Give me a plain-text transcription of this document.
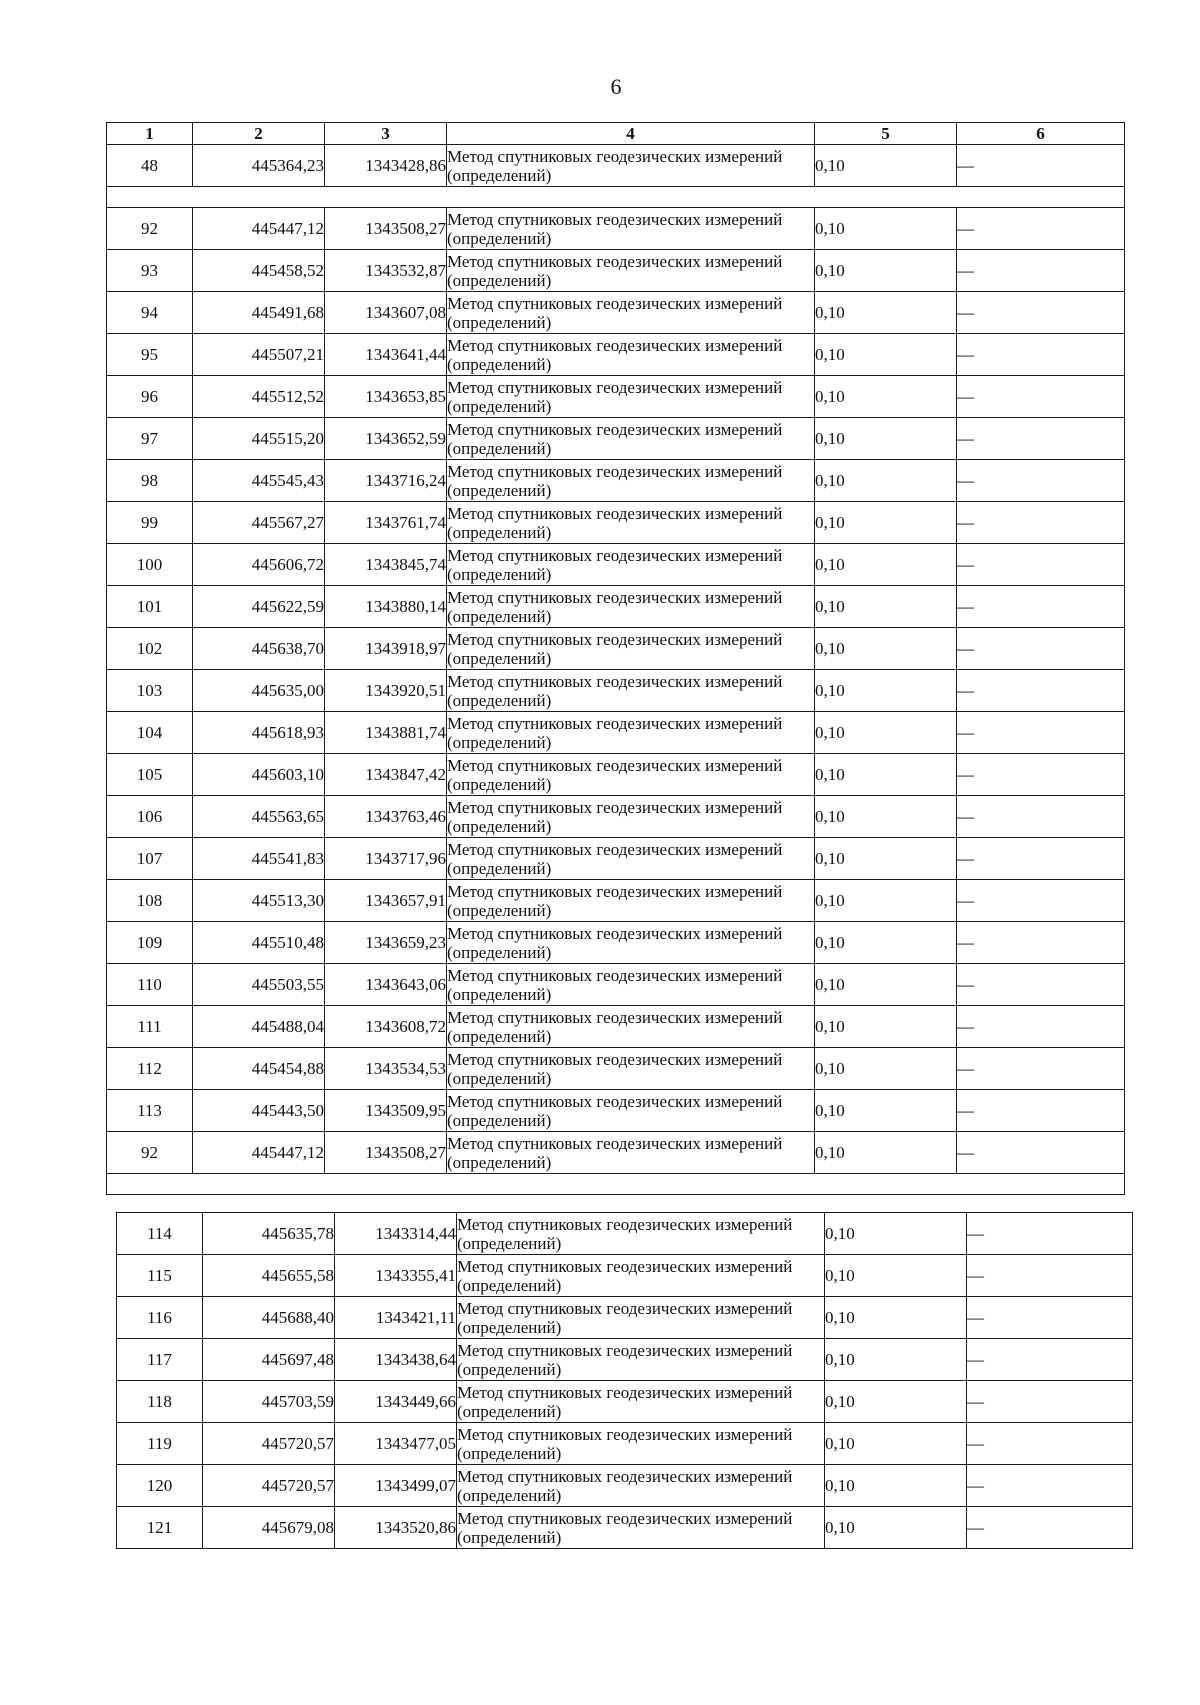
6
1	2	3	4	5	6
48	445364,23	1343428,86	Метод спутниковых геодезических измерений (определений)	0,10	—

92	445447,12	1343508,27	Метод спутниковых геодезических измерений (определений)	0,10	—
93	445458,52	1343532,87	Метод спутниковых геодезических измерений (определений)	0,10	—
94	445491,68	1343607,08	Метод спутниковых геодезических измерений (определений)	0,10	—
95	445507,21	1343641,44	Метод спутниковых геодезических измерений (определений)	0,10	—
96	445512,52	1343653,85	Метод спутниковых геодезических измерений (определений)	0,10	—
97	445515,20	1343652,59	Метод спутниковых геодезических измерений (определений)	0,10	—
98	445545,43	1343716,24	Метод спутниковых геодезических измерений (определений)	0,10	—
99	445567,27	1343761,74	Метод спутниковых геодезических измерений (определений)	0,10	—
100	445606,72	1343845,74	Метод спутниковых геодезических измерений (определений)	0,10	—
101	445622,59	1343880,14	Метод спутниковых геодезических измерений (определений)	0,10	—
102	445638,70	1343918,97	Метод спутниковых геодезических измерений (определений)	0,10	—
103	445635,00	1343920,51	Метод спутниковых геодезических измерений (определений)	0,10	—
104	445618,93	1343881,74	Метод спутниковых геодезических измерений (определений)	0,10	—
105	445603,10	1343847,42	Метод спутниковых геодезических измерений (определений)	0,10	—
106	445563,65	1343763,46	Метод спутниковых геодезических измерений (определений)	0,10	—
107	445541,83	1343717,96	Метод спутниковых геодезических измерений (определений)	0,10	—
108	445513,30	1343657,91	Метод спутниковых геодезических измерений (определений)	0,10	—
109	445510,48	1343659,23	Метод спутниковых геодезических измерений (определений)	0,10	—
110	445503,55	1343643,06	Метод спутниковых геодезических измерений (определений)	0,10	—
111	445488,04	1343608,72	Метод спутниковых геодезических измерений (определений)	0,10	—
112	445454,88	1343534,53	Метод спутниковых геодезических измерений (определений)	0,10	—
113	445443,50	1343509,95	Метод спутниковых геодезических измерений (определений)	0,10	—
92	445447,12	1343508,27	Метод спутниковых геодезических измерений (определений)	0,10	—

114	445635,78	1343314,44	Метод спутниковых геодезических измерений (определений)	0,10	—
115	445655,58	1343355,41	Метод спутниковых геодезических измерений (определений)	0,10	—
116	445688,40	1343421,11	Метод спутниковых геодезических измерений (определений)	0,10	—
117	445697,48	1343438,64	Метод спутниковых геодезических измерений (определений)	0,10	—
118	445703,59	1343449,66	Метод спутниковых геодезических измерений (определений)	0,10	—
119	445720,57	1343477,05	Метод спутниковых геодезических измерений (определений)	0,10	—
120	445720,57	1343499,07	Метод спутниковых геодезических измерений (определений)	0,10	—
121	445679,08	1343520,86	Метод спутниковых геодезических измерений (определений)	0,10	—
